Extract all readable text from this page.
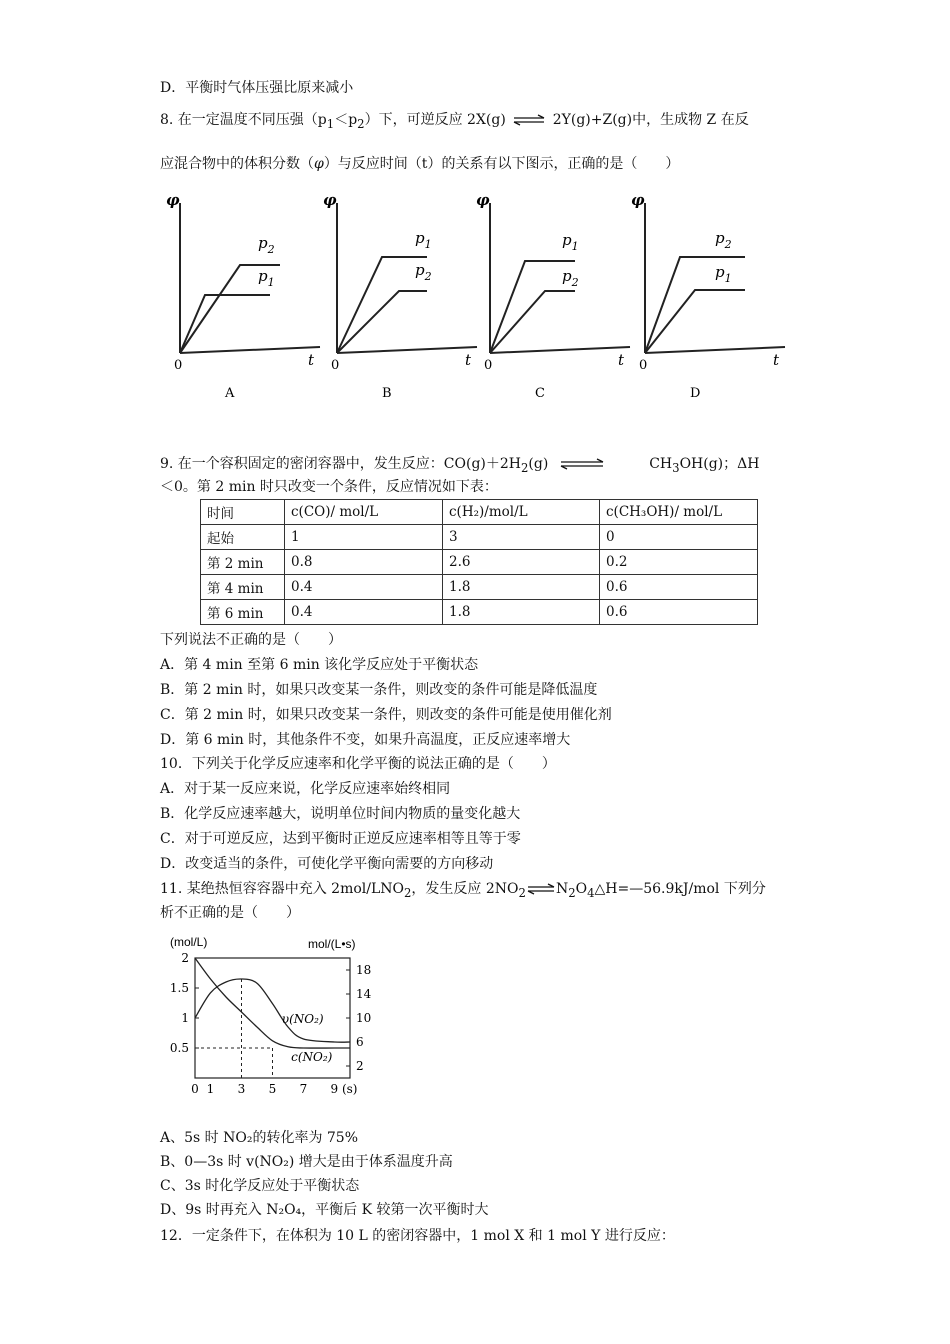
D．平衡时气体压强比原来减小
8. 在一定温度不同压强$(p_1<p_2)$下，可逆反应 2X(g) ⇌ 2Y(g)+Z(g)中，生成物 Z 在反
应混合物中的体积分数（φ）与反应时间（t）的关系有以下图示，正确的是（　　）
φ
t
0
$p_2$
$p_1$
A
φ
t
0
$p_1$
$p_2$
B
φ
t
0
$p_1$
$p_2$
C
φ
t
0
$p_2$
$p_1$
D
9. 在一个容积固定的密闭容器中，发生反应：$CO(g)+2H_2(g)$ ⇌	$CH_3OH(g)$；ΔH
＜0。第 2 min 时只改变一个条件，反应情况如下表：
时间	c(CO)/ mol/L	c(H₂)/mol/L	c(CH₃OH)/ mol/L
起始	1	3	0
第 2 min	0.8	2.6	0.2
第 4 min	0.4	1.8	0.6
第 6 min	0.4	1.8	0.6
下列说法不正确的是（　　）
A．第 4 min 至第 6 min 该化学反应处于平衡状态
B．第 2 min 时，如果只改变某一条件，则改变的条件可能是降低温度
C．第 2 min 时，如果只改变某一条件，则改变的条件可能是使用催化剂
D．第 6 min 时，其他条件不变，如果升高温度，正反应速率增大
10．下列关于化学反应速率和化学平衡的说法正确的是（　　）
A．对于某一反应来说，化学反应速率始终相同
B．化学反应速率越大，说明单位时间内物质的量变化越大
C．对于可逆反应，达到平衡时正逆反应速率相等且等于零
D．改变适当的条件，可使化学平衡向需要的方向移动
11. 某绝热恒容容器中充入 $2mol/LNO_2$，发生反应 $2NO_2\rightleftharpoons N_2O_4\triangle H=—56.9kJ$/mol 下列分
析不正确的是（　　）
(mol/L)	mol/(L•s)
2
1.5
1
0.5
18
14
10
6
2
0 1 3 5 7 9 (s)
υ(NO₂)
c(NO₂)
A、5s 时 NO₂的转化率为 75%
B、0—3s 时 v(NO₂) 增大是由于体系温度升高
C、3s 时化学反应处于平衡状态
D、9s 时再充入 N₂O₄，平衡后 K 较第一次平衡时大
12．一定条件下，在体积为 10 L 的密闭容器中，1 mol X 和 1 mol Y 进行反应：
